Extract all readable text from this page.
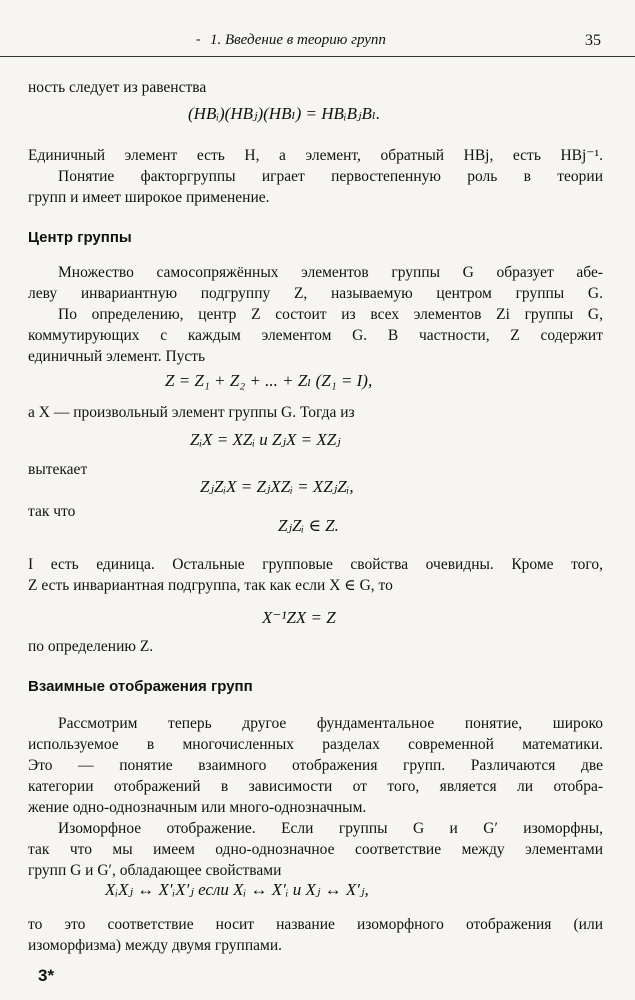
- 1. Введение в теорию групп	35
ность следует из равенства
(HBᵢ)(HBⱼ)(HBₗ) = HBᵢBⱼBₗ.
Единичный элемент есть H, а элемент, обратный HBj, есть HBj⁻¹.
Понятие факторгруппы играет первостепенную роль в теории
групп и имеет широкое применение.
Центр группы
Множество самосопряжённых элементов группы G образует абе-
леву инвариантную подгруппу Z, называемую центром группы G.
По определению, центр Z состоит из всех элементов Zi группы G,
коммутирующих с каждым элементом G. В частности, Z содержит
единичный элемент. Пусть
Z = Z₁ + Z₂ + ... + Zₗ (Z₁ = I),
а X — произвольный элемент группы G. Тогда из
ZᵢX = XZᵢ и ZⱼX = XZⱼ
вытекает
ZⱼZᵢX = ZⱼXZᵢ = XZⱼZᵢ,
так что
ZⱼZᵢ ∈ Z.
I есть единица. Остальные групповые свойства очевидны. Кроме того,
Z есть инвариантная подгруппа, так как если X ∈ G, то
X⁻¹ZX = Z
по определению Z.
Взаимные отображения групп
Рассмотрим теперь другое фундаментальное понятие, широко
используемое в многочисленных разделах современной математики.
Это — понятие взаимного отображения групп. Различаются две
категории отображений в зависимости от того, является ли отобра-
жение одно-однозначным или много-однозначным.
Изоморфное отображение. Если группы G и G′ изоморфны,
так что мы имеем одно-однозначное соответствие между элементами
групп G и G′, обладающее свойствами
XᵢXⱼ ↔ X′ᵢX′ⱼ если Xᵢ ↔ X′ᵢ и Xⱼ ↔ X′ⱼ,
то это соответствие носит название изоморфного отображения (или
изоморфизма) между двумя группами.
3*
